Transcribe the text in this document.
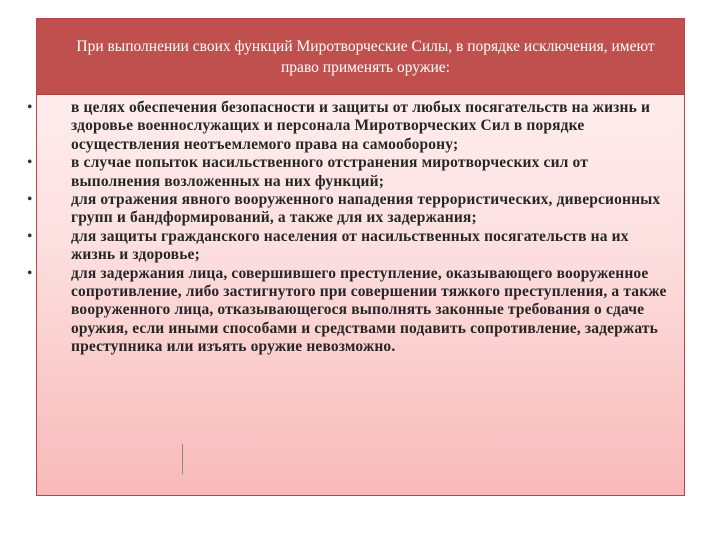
При выполнении своих функций Миротворческие Силы, в порядке исключения, имеют право применять оружие:
• в целях обеспечения безопасности и защиты от любых посягательств на жизнь и здоровье военнослужащих и персонала Миротворческих Сил в порядке осуществления неотъемлемого права на самооборону;
• в случае попыток насильственного отстранения миротворческих сил от выполнения возложенных на них функций;
• для отражения явного вооруженного нападения террористических, диверсионных групп и бандформирований, а также для их задержания;
• для защиты гражданского населения от насильственных посягательств на их жизнь и здоровье;
• для задержания лица, совершившего преступление, оказывающего вооруженное сопротивление, либо застигнутого при совершении тяжкого преступления, а также вооруженного лица, отказывающегося выполнять законные требования о сдаче оружия, если иными способами и средствами подавить сопротивление, задержать преступника или изъять оружие невозможно.
